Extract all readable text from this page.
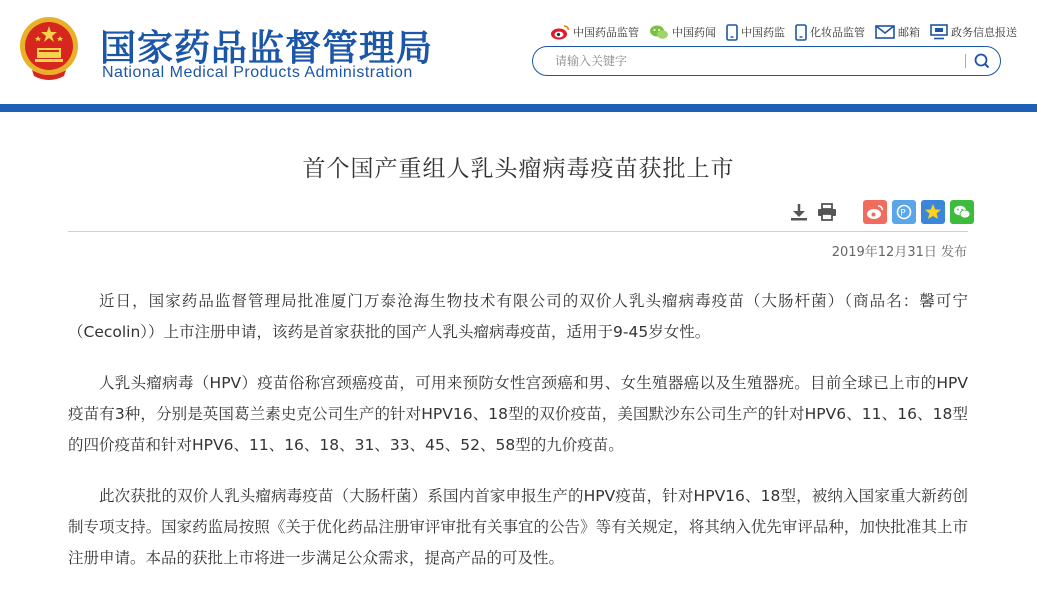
国家药品监督管理局
National Medical Products Administration
中国药品监管	中国药闻 中国药监 化妆品监管	邮箱	政务信息报送
请输入关键字
首个国产重组人乳头瘤病毒疫苗获批上市
P
2019年12月31日 发布

近日，国家药品监督管理局批准厦门万泰沧海生物技术有限公司的双价人乳头瘤病毒疫苗（大肠杆菌）（商品名：馨可宁（Cecolin））上市注册申请，该药是首家获批的国产人乳头瘤病毒疫苗，适用于9-45岁女性。

人乳头瘤病毒（HPV）疫苗俗称宫颈癌疫苗，可用来预防女性宫颈癌和男、女生殖器癌以及生殖器疣。目前全球已上市的HPV疫苗有3种，分别是英国葛兰素史克公司生产的针对HPV16、18型的双价疫苗，美国默沙东公司生产的针对HPV6、11、16、18型的四价疫苗和针对HPV6、11、16、18、31、33、45、52、58型的九价疫苗。

此次获批的双价人乳头瘤病毒疫苗（大肠杆菌）系国内首家申报生产的HPV疫苗，针对HPV16、18型，被纳入国家重大新药创制专项支持。国家药监局按照《关于优化药品注册审评审批有关事宜的公告》等有关规定，将其纳入优先审评品种，加快批准其上市注册申请。本品的获批上市将进一步满足公众需求，提高产品的可及性。
